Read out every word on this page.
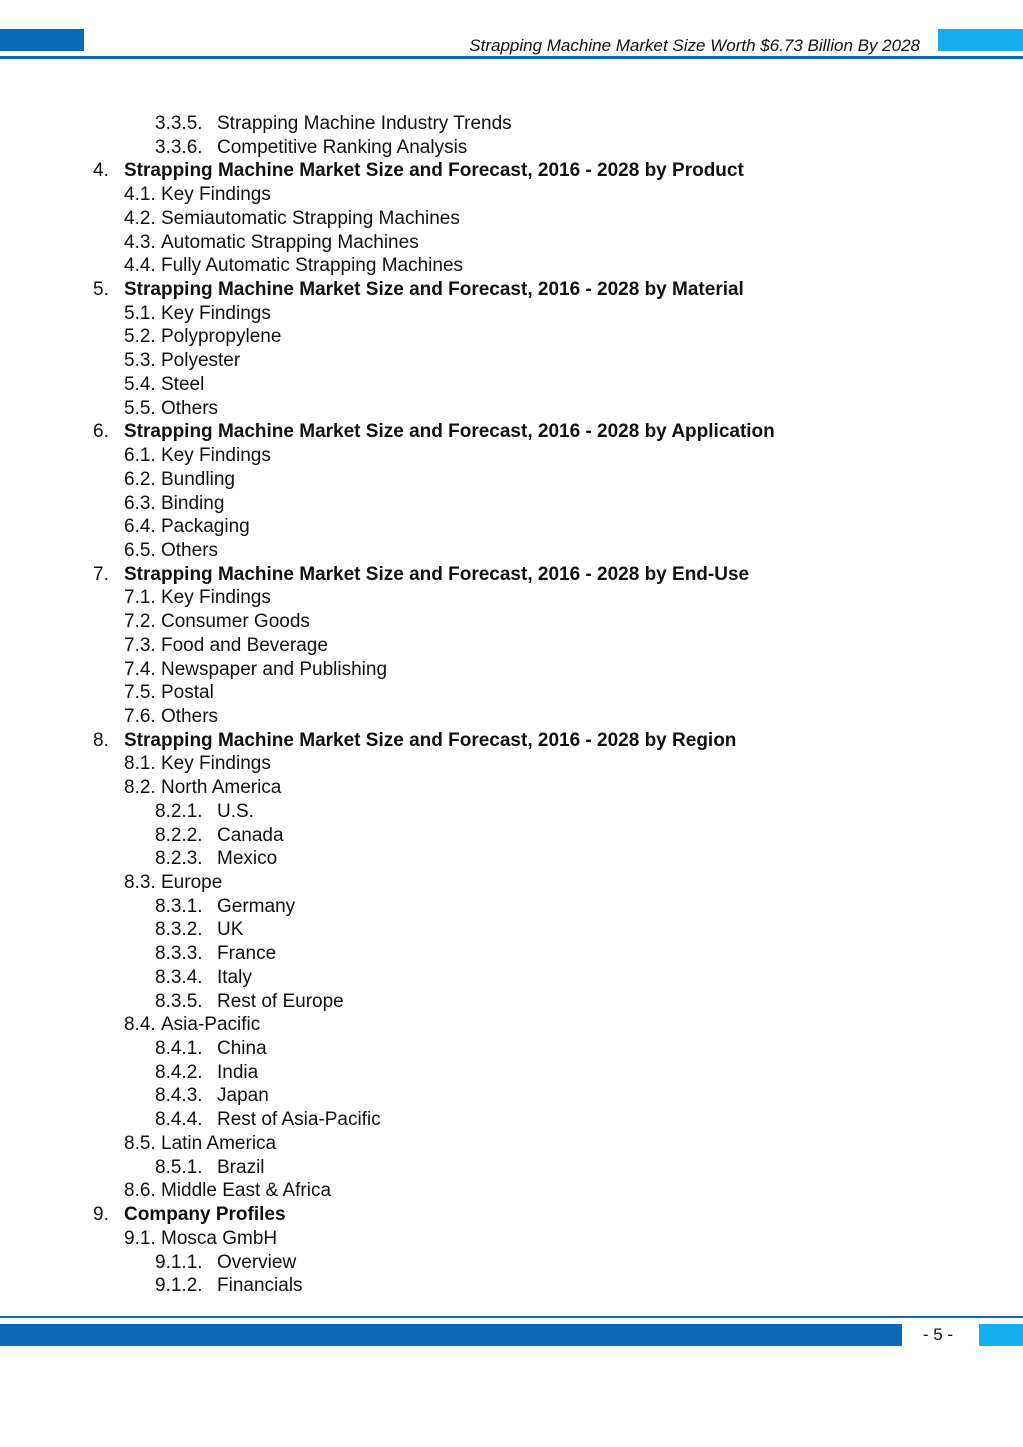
Strapping Machine Market Size Worth $6.73 Billion By 2028
3.3.5. Strapping Machine Industry Trends
3.3.6. Competitive Ranking Analysis
4. Strapping Machine Market Size and Forecast, 2016 - 2028 by Product
4.1. Key Findings
4.2. Semiautomatic Strapping Machines
4.3. Automatic Strapping Machines
4.4. Fully Automatic Strapping Machines
5. Strapping Machine Market Size and Forecast, 2016 - 2028 by Material
5.1. Key Findings
5.2. Polypropylene
5.3. Polyester
5.4. Steel
5.5. Others
6. Strapping Machine Market Size and Forecast, 2016 - 2028 by Application
6.1. Key Findings
6.2. Bundling
6.3. Binding
6.4. Packaging
6.5. Others
7. Strapping Machine Market Size and Forecast, 2016 - 2028 by End-Use
7.1. Key Findings
7.2. Consumer Goods
7.3. Food and Beverage
7.4. Newspaper and Publishing
7.5. Postal
7.6. Others
8. Strapping Machine Market Size and Forecast, 2016 - 2028 by Region
8.1. Key Findings
8.2. North America
8.2.1. U.S.
8.2.2. Canada
8.2.3. Mexico
8.3. Europe
8.3.1. Germany
8.3.2. UK
8.3.3. France
8.3.4. Italy
8.3.5. Rest of Europe
8.4. Asia-Pacific
8.4.1. China
8.4.2. India
8.4.3. Japan
8.4.4. Rest of Asia-Pacific
8.5. Latin America
8.5.1. Brazil
8.6. Middle East & Africa
9. Company Profiles
9.1. Mosca GmbH
9.1.1. Overview
9.1.2. Financials
- 5 -
